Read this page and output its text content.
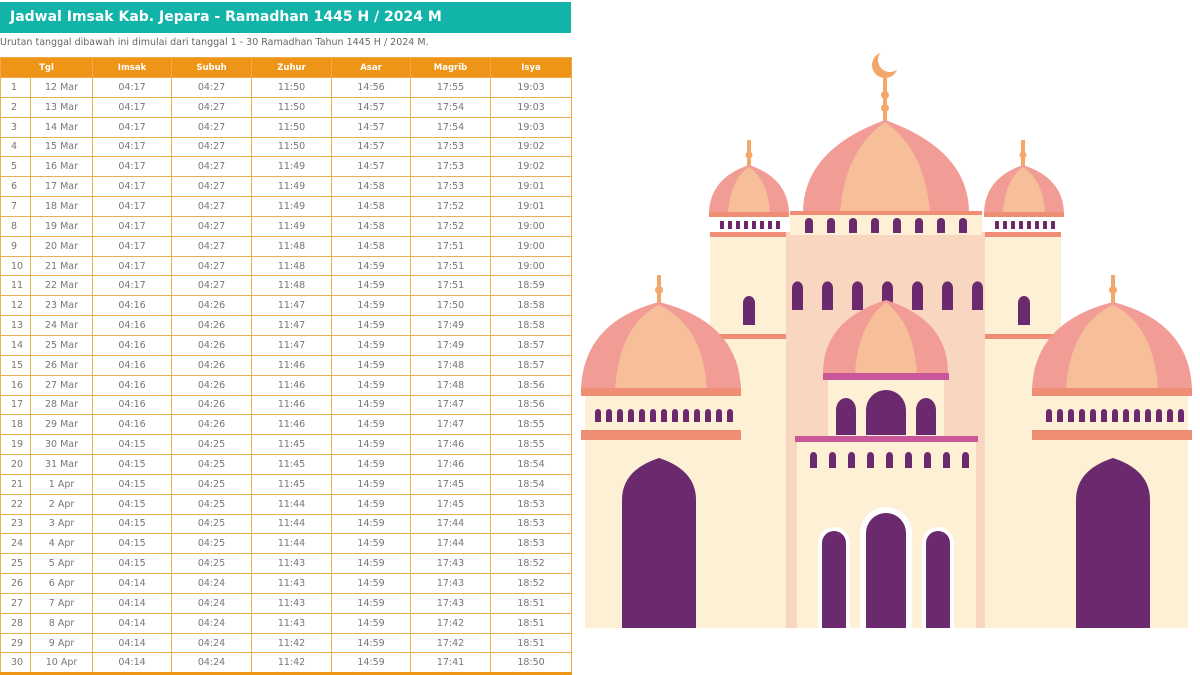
Jadwal Imsak Kab. Jepara - Ramadhan 1445 H / 2024 M
Urutan tanggal dibawah ini dimulai dari tanggal 1 - 30 Ramadhan Tahun 1445 H / 2024 M.
Tgl		Imsak	Subuh	Zuhur	Asar	Magrib	Isya
1	12 Mar	04:17	04:27	11:50	14:56	17:55	19:03
2	13 Mar	04:17	04:27	11:50	14:57	17:54	19:03
3	14 Mar	04:17	04:27	11:50	14:57	17:54	19:03
4	15 Mar	04:17	04:27	11:50	14:57	17:53	19:02
5	16 Mar	04:17	04:27	11:49	14:57	17:53	19:02
6	17 Mar	04:17	04:27	11:49	14:58	17:53	19:01
7	18 Mar	04:17	04:27	11:49	14:58	17:52	19:01
8	19 Mar	04:17	04:27	11:49	14:58	17:52	19:00
9	20 Mar	04:17	04:27	11:48	14:58	17:51	19:00
10	21 Mar	04:17	04:27	11:48	14:59	17:51	19:00
11	22 Mar	04:17	04:27	11:48	14:59	17:51	18:59
12	23 Mar	04:16	04:26	11:47	14:59	17:50	18:58
13	24 Mar	04:16	04:26	11:47	14:59	17:49	18:58
14	25 Mar	04:16	04:26	11:47	14:59	17:49	18:57
15	26 Mar	04:16	04:26	11:46	14:59	17:48	18:57
16	27 Mar	04:16	04:26	11:46	14:59	17:48	18:56
17	28 Mar	04:16	04:26	11:46	14:59	17:47	18:56
18	29 Mar	04:16	04:26	11:46	14:59	17:47	18:55
19	30 Mar	04:15	04:25	11:45	14:59	17:46	18:55
20	31 Mar	04:15	04:25	11:45	14:59	17:46	18:54
21	1 Apr	04:15	04:25	11:45	14:59	17:45	18:54
22	2 Apr	04:15	04:25	11:44	14:59	17:45	18:53
23	3 Apr	04:15	04:25	11:44	14:59	17:44	18:53
24	4 Apr	04:15	04:25	11:44	14:59	17:44	18:53
25	5 Apr	04:15	04:25	11:43	14:59	17:43	18:52
26	6 Apr	04:14	04:24	11:43	14:59	17:43	18:52
27	7 Apr	04:14	04:24	11:43	14:59	17:43	18:51
28	8 Apr	04:14	04:24	11:43	14:59	17:42	18:51
29	9 Apr	04:14	04:24	11:42	14:59	17:42	18:51
30	10 Apr	04:14	04:24	11:42	14:59	17:41	18:50
